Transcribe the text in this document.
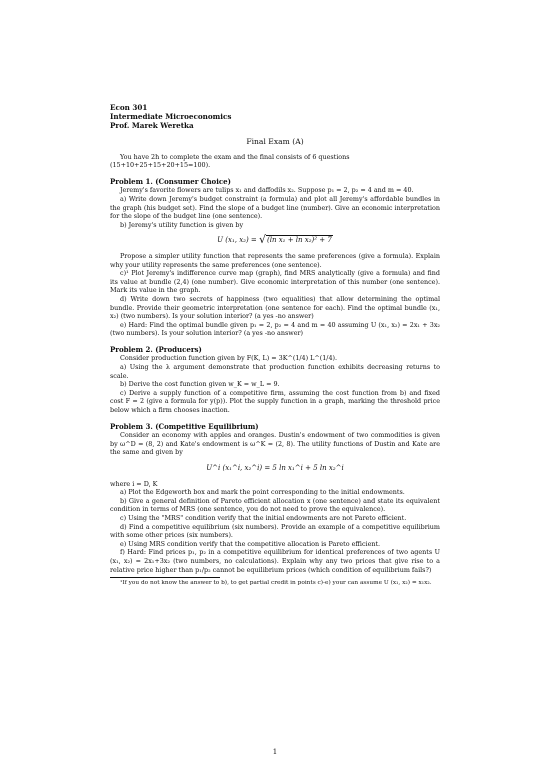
Econ 301
Intermediate Microeconomics
Prof. Marek Weretka
Final Exam (A)

You have 2h to complete the exam and the final consists of 6 questions (15+10+25+15+20+15=100).

Problem 1. (Consumer Choice)

Jeremy's favorite flowers are tulips x₁ and daffodils x₂. Suppose p₁ = 2, p₂ = 4 and m = 40.

a) Write down Jeremy's budget constraint (a formula) and plot all Jeremy's affordable bundles in the graph (his budget set). Find the slope of a budget line (number). Give an economic interpretation for the slope of the budget line (one sentence).

b) Jeremy's utility function is given by

U (x₁, x₂) = √(ln x₁ + ln x₂)² + 7

Propose a simpler utility function that represents the same preferences (give a formula). Explain why your utility represents the same preferences (one sentence).

c)¹ Plot Jeremy's indifference curve map (graph), find MRS analytically (give a formula) and find its value at bundle (2,4) (one number). Give economic interpretation of this number (one sentence). Mark its value in the graph.

d) Write down two secrets of happiness (two equalities) that allow determining the optimal bundle. Provide their geometric interpretation (one sentence for each). Find the optimal bundle (x₁, x₂) (two numbers). Is your solution interior? (a yes -no answer)

e) Hard: Find the optimal bundle given p₁ = 2, p₂ = 4 and m = 40 assuming U (x₁, x₂) = 2x₁ + 3x₂ (two numbers). Is your solution interior? (a yes -no answer)

Problem 2. (Producers)

Consider production function given by F(K, L) = 3K^(1/4) L^(1/4).

a) Using the λ argument demonstrate that production function exhibits decreasing returns to scale.

b) Derive the cost function given w_K = w_L = 9.

c) Derive a supply function of a competitive firm, assuming the cost function from b) and fixed cost F = 2 (give a formula for y(p)). Plot the supply function in a graph, marking the threshold price below which a firm chooses inaction.

Problem 3. (Competitive Equilibrium)

Consider an economy with apples and oranges. Dustin's endowment of two commodities is given by ω^D = (8, 2) and Kate's endowment is ω^K = (2, 8). The utility functions of Dustin and Kate are the same and given by

U^i (x₁^i, x₂^i) = 5 ln x₁^i + 5 ln x₂^i

where i = D, K

a) Plot the Edgeworth box and mark the point corresponding to the initial endowments.

b) Give a general definition of Pareto efficient allocation x (one sentence) and state its equivalent condition in terms of MRS (one sentence, you do not need to prove the equivalence).

c) Using the "MRS" condition verify that the initial endowments are not Pareto efficient.

d) Find a competitive equilibrium (six numbers). Provide an example of a competitive equilibrium with some other prices (six numbers).

e) Using MRS condition verify that the competitive allocation is Pareto efficient.

f) Hard: Find prices p₁, p₂ in a competitive equilibrium for identical preferences of two agents U (x₁, x₂) = 2x₁+3x₂ (two numbers, no calculations). Explain why any two prices that give rise to a relative price higher than p₁/p₂ cannot be equilibrium prices (which condition of equilibrium fails?)

¹If you do not know the answer to b), to get partial credit in points c)-e) your can assume U (x₁, x₂) = x₁x₂.

1
